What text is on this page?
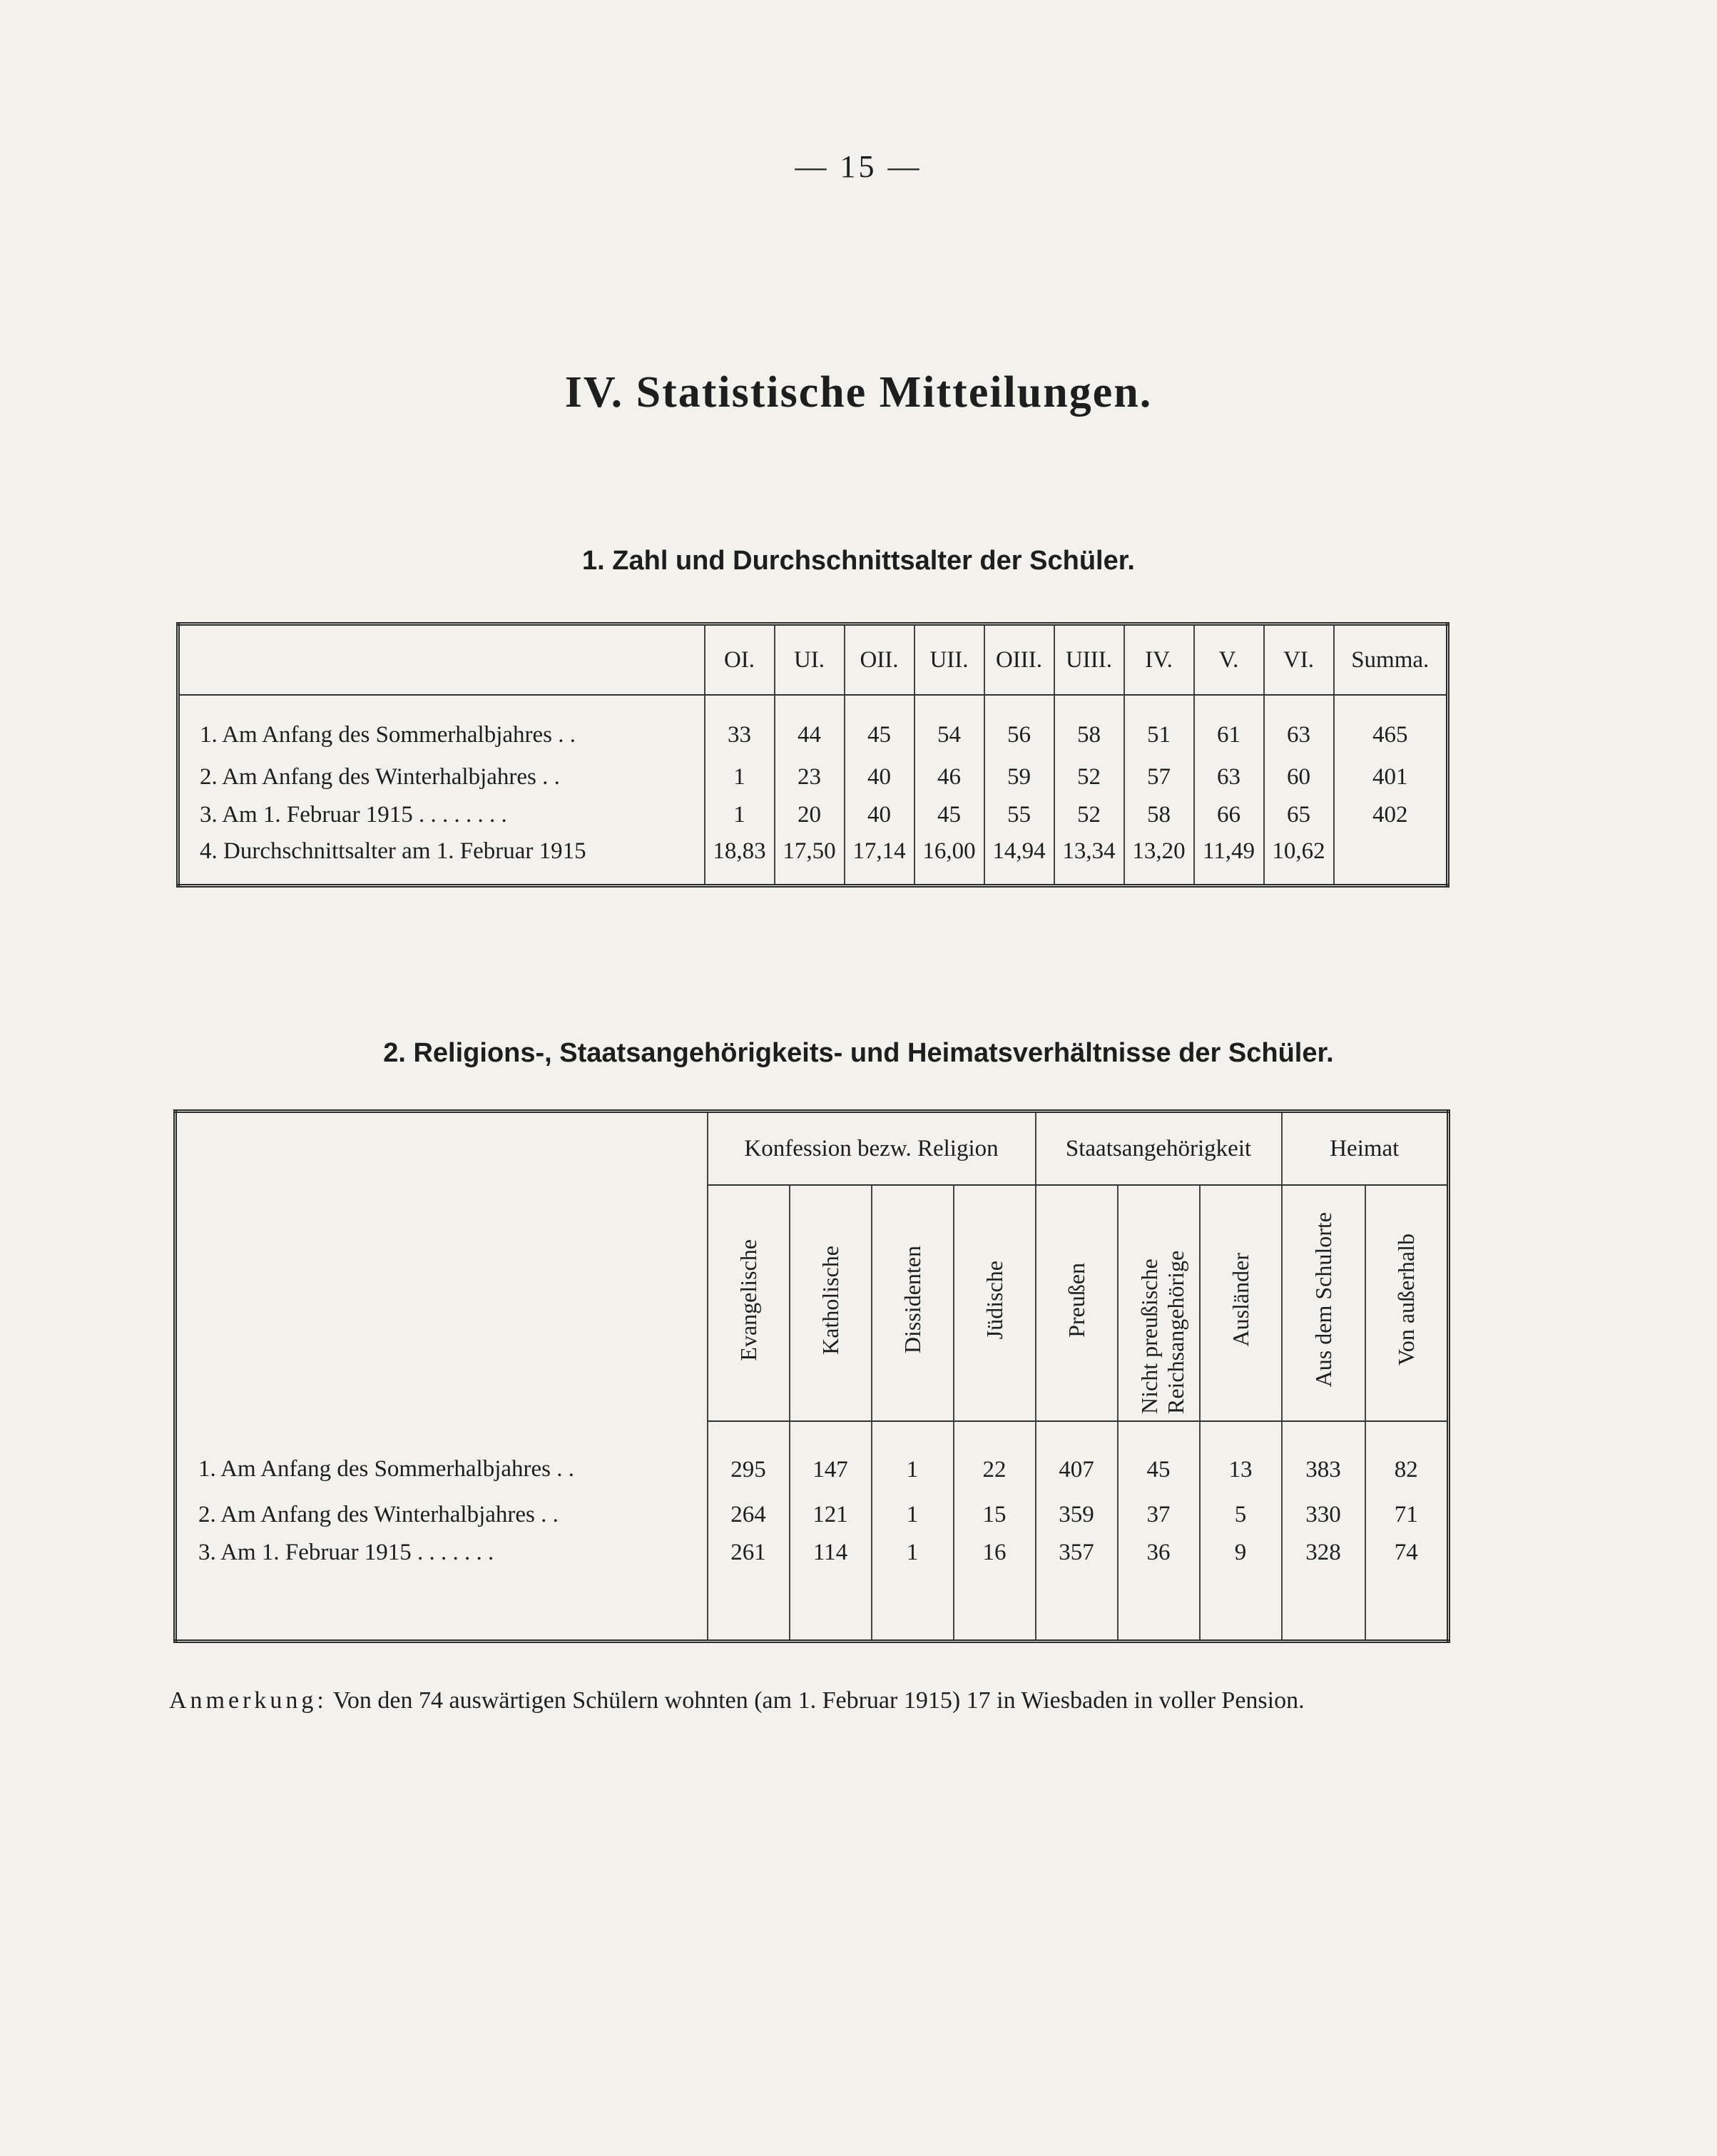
— 15 —
IV. Statistische Mitteilungen.
1. Zahl und Durchschnittsalter der Schüler.
	OI.	UI.	OII.	UII.	OIII.	UIII.	IV.	V.	VI.	Summa.
1. Am Anfang des Sommerhalbjahres . .	33	44	45	54	56	58	51	61	63	465
2. Am Anfang des Winterhalbjahres . .	1	23	40	46	59	52	57	63	60	401
3. Am 1. Februar 1915 . . . . . . . .	1	20	40	45	55	52	58	66	65	402
4. Durchschnittsalter am 1. Februar 1915	18,83	17,50	17,14	16,00	14,94	13,34	13,20	11,49	10,62	
2. Religions-, Staatsangehörigkeits- und Heimatsverhältnisse der Schüler.
	Konfession bezw. Religion				Staatsangehörigkeit			Heimat	
	Evangelische	Katholische	Dissidenten	Jüdische	Preußen	Nicht preußische Reichsangehörige	Ausländer	Aus dem Schulorte	Von außerhalb
1. Am Anfang des Sommerhalbjahres . .	295	147	1	22	407	45	13	383	82
2. Am Anfang des Winterhalbjahres . .	264	121	1	15	359	37	5	330	71
3. Am 1. Februar 1915 . . . . . . .	261	114	1	16	357	36	9	328	74

Anmerkung: Von den 74 auswärtigen Schülern wohnten (am 1. Februar 1915) 17 in Wiesbaden in voller Pension.
